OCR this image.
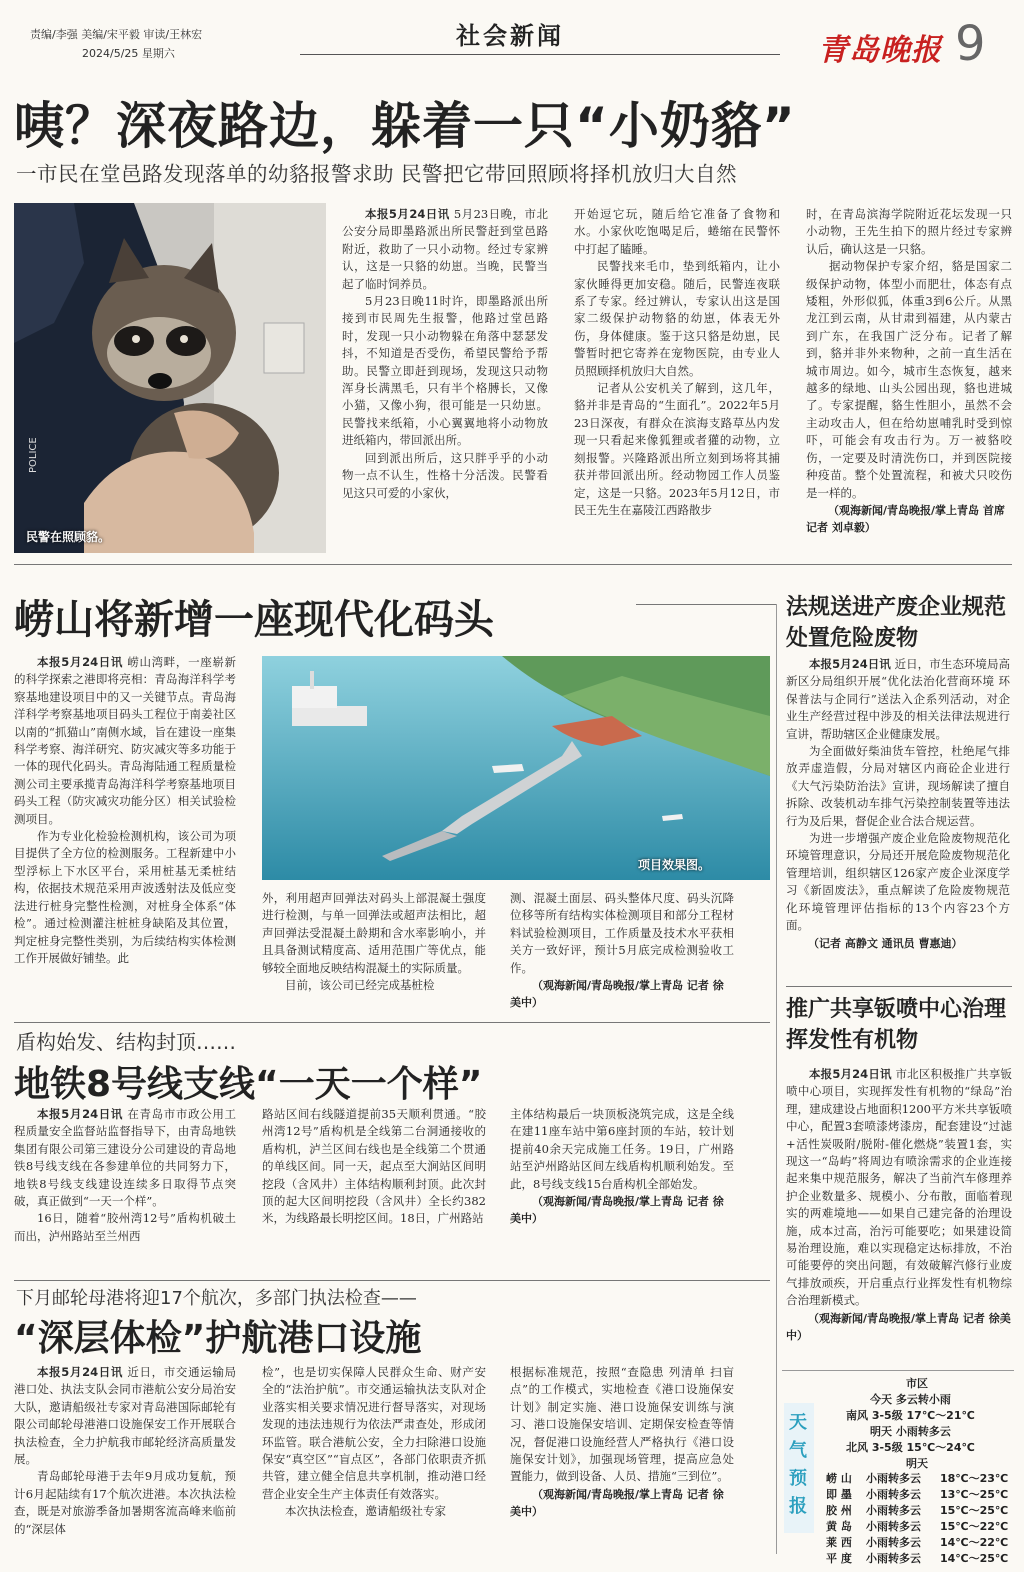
责编/李强 美编/宋平毅 审读/王林宏
2024/5/25 星期六
社会新闻	青岛晚报 9
咦？深夜路边，躲着一只“小奶貉”
一市民在堂邑路发现落单的幼貉报警求助 民警把它带回照顾将择机放归大自然
POLICE
民警在照顾貉。

本报5月24日讯 5月23日晚，市北公安分局即墨路派出所民警赶到堂邑路附近，救助了一只小动物。经过专家辨认，这是一只貉的幼崽。当晚，民警当起了临时饲养员。

5月23日晚11时许，即墨路派出所接到市民周先生报警，他路过堂邑路时，发现一只小动物躲在角落中瑟瑟发抖，不知道是否受伤，希望民警给予帮助。民警立即赶到现场，发现这只动物浑身长满黑毛，只有半个格膊长，又像小猫，又像小狗，很可能是一只幼崽。民警找来纸箱，小心翼翼地将小动物放进纸箱内，带回派出所。

回到派出所后，这只胖乎乎的小动物一点不认生，性格十分活泼。民警看见这只可爱的小家伙，

开始逗它玩，随后给它准备了食物和水。小家伙吃饱喝足后，蜷缩在民警怀中打起了瞌睡。

民警找来毛巾，垫到纸箱内，让小家伙睡得更加安稳。随后，民警连夜联系了专家。经过辨认，专家认出这是国家二级保护动物貉的幼崽，体表无外伤，身体健康。鉴于这只貉是幼崽，民警暂时把它寄养在宠物医院，由专业人员照顾择机放归大自然。

记者从公安机关了解到，这几年，貉并非是青岛的“生面孔”。2022年5月23日深夜，有群众在滨海支路草丛内发现一只看起来像狐狸或者獾的动物，立刻报警。兴隆路派出所立刻到场将其捕获并带回派出所。经动物园工作人员鉴定，这是一只貉。2023年5月12日，市民王先生在嘉陵江西路散步

时，在青岛滨海学院附近花坛发现一只小动物，王先生拍下的照片经过专家辨认后，确认这是一只貉。

据动物保护专家介绍，貉是国家二级保护动物，体型小而肥壮，体态有点矮粗，外形似狐，体重3到6公斤。从黑龙江到云南，从甘肃到福建，从内蒙古到广东，在我国广泛分布。记者了解到，貉并非外来物种，之前一直生活在城市周边。如今，城市生态恢复，越来越多的绿地、山头公园出现，貉也进城了。专家提醒，貉生性胆小，虽然不会主动攻击人，但在给幼崽哺乳时受到惊吓，可能会有攻击行为。万一被貉咬伤，一定要及时清洗伤口，并到医院接种疫苗。整个处置流程，和被犬只咬伤是一样的。

（观海新闻/青岛晚报/掌上青岛 首席记者 刘卓毅）

崂山将新增一座现代化码头
项目效果图。

本报5月24日讯 崂山湾畔，一座崭新的科学探索之港即将亮相：青岛海洋科学考察基地建设项目中的又一关键节点。青岛海洋科学考察基地项目码头工程位于南姜社区以南的“抓猫山”南侧水域，旨在建设一座集科学考察、海洋研究、防灾减灾等多功能于一体的现代化码头。青岛海陆通工程质量检测公司主要承揽青岛海洋科学考察基地项目码头工程（防灾减灾功能分区）相关试验检测项目。

作为专业化检验检测机构，该公司为项目提供了全方位的检测服务。工程新建中小型浮标上下水区平台，采用桩基无柔桩结构，依据技术规范采用声波透射法及低应变法进行桩身完整性检测，对桩身全体系“体检”。通过检测灌注桩桩身缺陷及其位置，判定桩身完整性类别，为后续结构实体检测工作开展做好铺垫。此

外，利用超声回弹法对码头上部混凝土强度进行检测，与单一回弹法或超声法相比，超声回弹法受混凝土龄期和含水率影响小，并且具备测试精度高、适用范围广等优点，能够较全面地反映结构混凝土的实际质量。

目前，该公司已经完成基桩检

测、混凝土面层、码头整体尺度、码头沉降位移等所有结构实体检测项目和部分工程材料试验检测项目，工作质量及技术水平获相关方一致好评，预计5月底完成检测验收工作。

（观海新闻/青岛晚报/掌上青岛 记者 徐美中）

盾构始发、结构封顶……
地铁8号线支线“一天一个样”

本报5月24日讯 在青岛市市政公用工程质量安全监督站监督指导下，由青岛地铁集团有限公司第三建设分公司建设的青岛地铁8号线支线在各参建单位的共同努力下，地铁8号线支线建设连续多日取得节点突破，真正做到“一天一个样”。

16日，随着“胶州湾12号”盾构机破土而出，泸州路站至兰州西

路站区间右线隧道提前35天顺利贯通。“胶州湾12号”盾构机是全线第二台洞通接收的盾构机，泸兰区间右线也是全线第二个贯通的单线区间。同一天，起点至大涧站区间明挖段（含风井）主体结构顺利封顶。此次封顶的起大区间明挖段（含风井）全长约382米，为线路最长明挖区间。18日，广州路站

主体结构最后一块顶板浇筑完成，这是全线在建11座车站中第6座封顶的车站，较计划提前40余天完成施工任务。19日，广州路站至泸州路站区间左线盾构机顺利始发。至此，8号线支线15台盾构机全部始发。

（观海新闻/青岛晚报/掌上青岛 记者 徐美中）

下月邮轮母港将迎17个航次，多部门执法检查——
“深层体检”护航港口设施

本报5月24日讯 近日，市交通运输局港口处、执法支队会同市港航公安分局治安大队，邀请船级社专家对青岛港国际邮轮有限公司邮轮母港港口设施保安工作开展联合执法检查，全力护航我市邮轮经济高质量发展。

青岛邮轮母港于去年9月成功复航，预计6月起陆续有17个航次进港。本次执法检查，既是对旅游季备加暑期客流高峰来临前的“深层体

检”，也是切实保障人民群众生命、财产安全的“法治护航”。市交通运输执法支队对企业落实相关要求情况进行督导落实，对现场发现的违法违规行为依法严肃查处，形成闭环监管。联合港航公安，全力扫除港口设施保安“真空区”“盲点区”，各部门依职责齐抓共管，建立健全信息共享机制，推动港口经营企业安全生产主体责任有效落实。

本次执法检查，邀请船级社专家

根据标准规范，按照“查隐患 列清单 扫盲点”的工作模式，实地检查《港口设施保安计划》制定实施、港口设施保安训练与演习、港口设施保安培训、定期保安检查等情况，督促港口设施经营人严格执行《港口设施保安计划》，加强现场管理，提高应急处置能力，做到设备、人员、措施“三到位”。

（观海新闻/青岛晚报/掌上青岛 记者 徐美中）

法规送进产废企业规范处置危险废物

本报5月24日讯 近日，市生态环境局高新区分局组织开展“优化法治化营商环境 环保普法与企同行”送法入企系列活动，对企业生产经营过程中涉及的相关法律法规进行宣讲，帮助辖区企业健康发展。

为全面做好柴油货车管控，杜绝尾气排放弄虚造假，分局对辖区内商砼企业进行《大气污染防治法》宣讲，现场解读了擅自拆除、改装机动车排气污染控制装置等违法行为及后果，督促企业合法合规运营。

为进一步增强产废企业危险废物规范化环境管理意识，分局还开展危险废物规范化管理培训，组织辖区126家产废企业深度学习《新固废法》，重点解读了危险废物规范化环境管理评估指标的13个内容23个方面。

（记者 高静文 通讯员 曹惠迪）

推广共享钣喷中心治理挥发性有机物

本报5月24日讯 市北区积极推广共享钣喷中心项目，实现挥发性有机物的“绿岛”治理，建成建设占地面积1200平方米共享钣喷中心，配置3套喷漆烤漆房，配套建设“过滤+活性炭吸附/脱附-催化燃烧”装置1套，实现这一“岛屿”将周边有喷涂需求的企业连接起来集中规范服务，解决了当前汽车修理养护企业数量多、规模小、分布散，面临着现实的两难境地——如果自己建完备的治理设施，成本过高，治污可能要吃；如果建设简易治理设施，难以实现稳定达标排放，不治可能要停的突出问题，有效破解汽修行业废气排放顽疾，开启重点行业挥发性有机物综合治理新模式。

（观海新闻/青岛晚报/掌上青岛 记者 徐美中）

天气预报
市区
今天 多云转小雨
南风 3-5级 17℃～21℃
明天 小雨转多云
北风 3-5级 15℃～24℃
明天
崂 山	小雨转多云	18℃～23℃
即 墨	小雨转多云	13℃～25℃
胶 州	小雨转多云	15℃～25℃
黄 岛	小雨转多云	15℃～22℃
莱 西	小雨转多云	14℃～22℃
平 度	小雨转多云	14℃～25℃
